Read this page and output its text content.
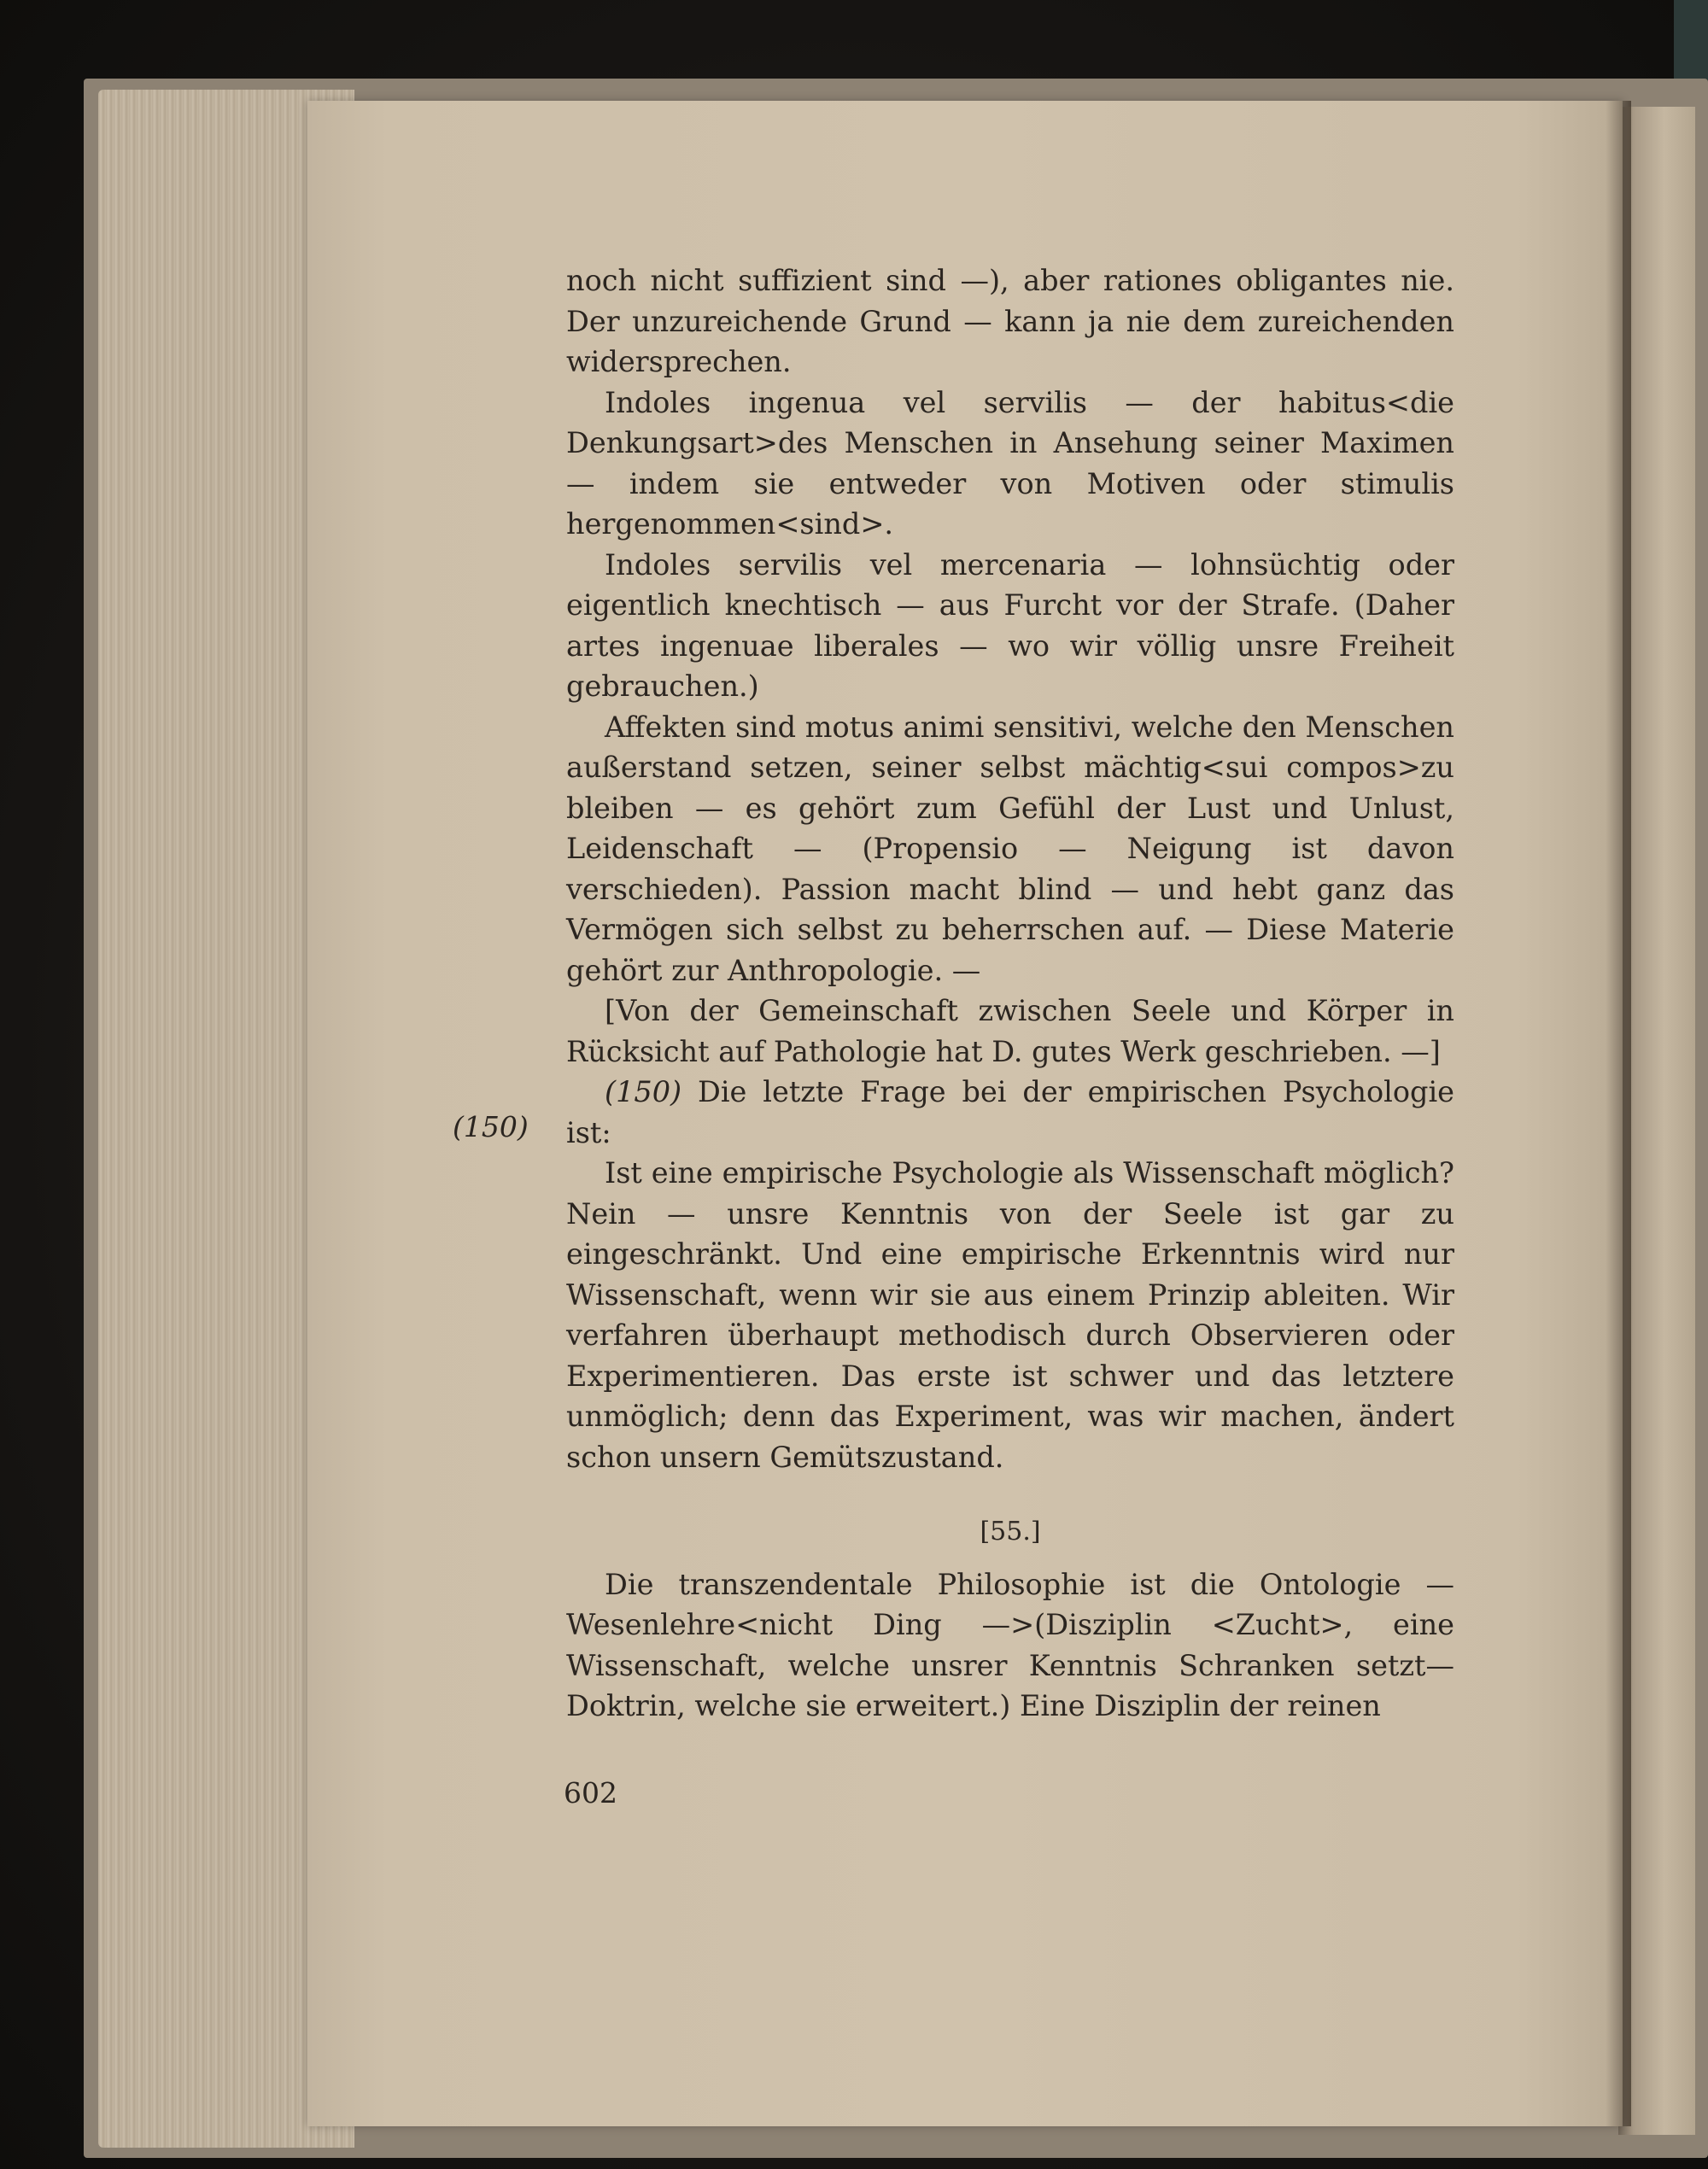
(150)

noch nicht suffizient sind —), aber rationes obligantes nie. Der unzureichende Grund — kann ja nie dem zureichenden widersprechen.

Indoles ingenua vel servilis — der habitus<die Denkungsart>des Menschen in Ansehung seiner Maximen — indem sie entweder von Motiven oder stimulis hergenommen<sind>.

Indoles servilis vel mercenaria — lohnsüchtig oder eigentlich knechtisch — aus Furcht vor der Strafe. (Daher artes ingenuae liberales — wo wir völlig unsre Freiheit gebrauchen.)

Affekten sind motus animi sensitivi, welche den Menschen außerstand setzen, seiner selbst mächtig<sui compos>zu bleiben — es gehört zum Gefühl der Lust und Unlust, Leidenschaft — (Propensio — Neigung ist davon verschieden). Passion macht blind — und hebt ganz das Vermögen sich selbst zu beherrschen auf. — Diese Materie gehört zur Anthropologie. —

[Von der Gemeinschaft zwischen Seele und Körper in Rücksicht auf Pathologie hat D. gutes Werk geschrieben. —]

(150) Die letzte Frage bei der empirischen Psychologie ist:

Ist eine empirische Psychologie als Wissenschaft möglich? Nein — unsre Kenntnis von der Seele ist gar zu eingeschränkt. Und eine empirische Erkenntnis wird nur Wissenschaft, wenn wir sie aus einem Prinzip ableiten. Wir verfahren überhaupt methodisch durch Observieren oder Experimentieren. Das erste ist schwer und das letztere unmöglich; denn das Experiment, was wir machen, ändert schon unsern Gemütszustand.

[55.]

Die transzendentale Philosophie ist die Ontologie — Wesenlehre<nicht Ding —>(Disziplin <Zucht>, eine Wissenschaft, welche unsrer Kenntnis Schranken setzt— Doktrin, welche sie erweitert.) Eine Disziplin der reinen

602
